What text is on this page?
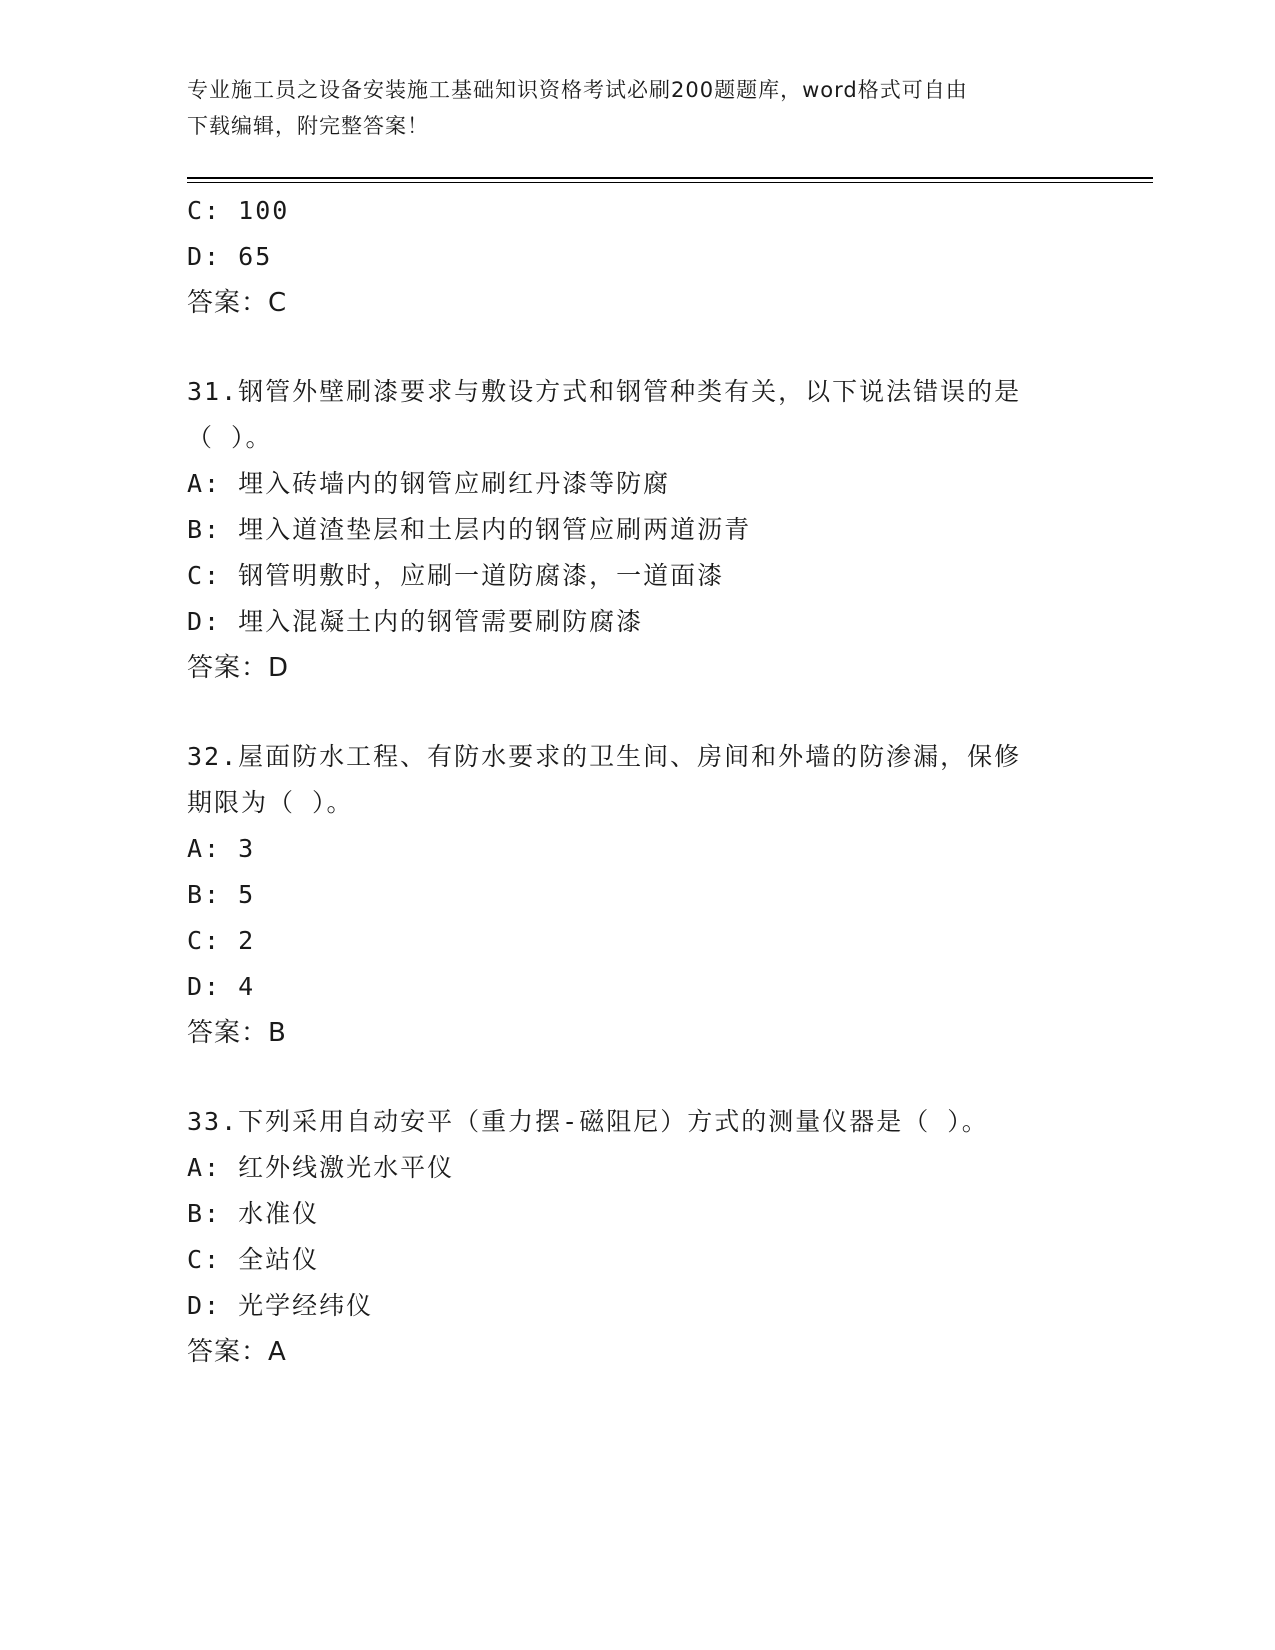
专业施工员之设备安装施工基础知识资格考试必刷200题题库，word格式可自由
下载编辑，附完整答案！
C: 100
D: 65
答案：C
31.钢管外壁刷漆要求与敷设方式和钢管种类有关，以下说法错误的是
（ ）。
A: 埋入砖墙内的钢管应刷红丹漆等防腐
B: 埋入道渣垫层和土层内的钢管应刷两道沥青
C: 钢管明敷时，应刷一道防腐漆，一道面漆
D: 埋入混凝土内的钢管需要刷防腐漆
答案：D
32.屋面防水工程、有防水要求的卫生间、房间和外墙的防渗漏，保修
期限为（ ）。
A: 3
B: 5
C: 2
D: 4
答案：B
33.下列采用自动安平（重力摆-磁阻尼）方式的测量仪器是（ ）。
A: 红外线激光水平仪
B: 水准仪
C: 全站仪
D: 光学经纬仪
答案：A
